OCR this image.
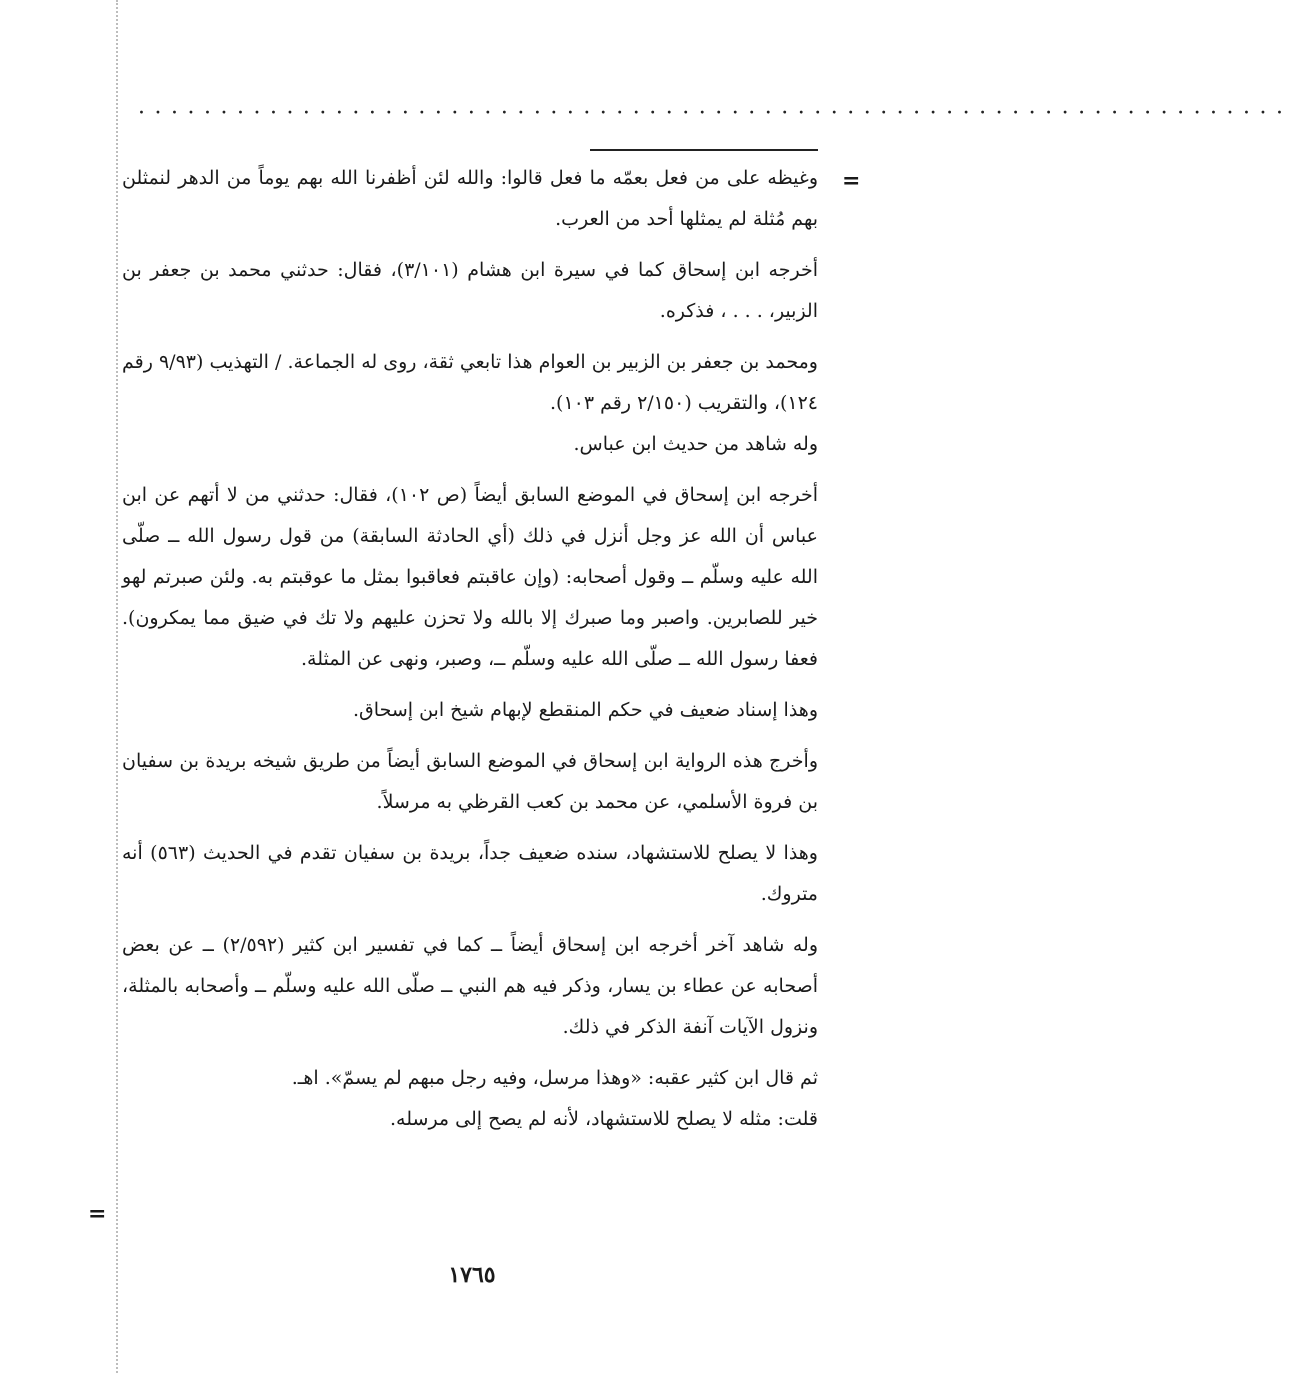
······································································
=
=

وغيظه على من فعل بعمّه ما فعل قالوا: والله لئن أظفرنا الله بهم يوماً من الدهر لنمثلن بهم مُثلة لم يمثلها أحد من العرب.

أخرجه ابن إسحاق كما في سيرة ابن هشام (٣/١٠١)، فقال: حدثني محمد بن جعفر بن الزبير، . . . ، فذكره.

ومحمد بن جعفر بن الزبير بن العوام هذا تابعي ثقة، روى له الجماعة. / التهذيب (٩/٩٣ رقم ١٢٤)، والتقريب (٢/١٥٠ رقم ١٠٣).

وله شاهد من حديث ابن عباس.

أخرجه ابن إسحاق في الموضع السابق أيضاً (ص ١٠٢)، فقال: حدثني من لا أتهم عن ابن عباس أن الله عز وجل أنزل في ذلك (أي الحادثة السابقة) من قول رسول الله ــ صلّى الله عليه وسلّم ــ وقول أصحابه: (وإن عاقبتم فعاقبوا بمثل ما عوقبتم به. ولئن صبرتم لهو خير للصابرين. واصبر وما صبرك إلا بالله ولا تحزن عليهم ولا تك في ضيق مما يمكرون). فعفا رسول الله ــ صلّى الله عليه وسلّم ــ، وصبر، ونهى عن المثلة.

وهذا إسناد ضعيف في حكم المنقطع لإبهام شيخ ابن إسحاق.

وأخرج هذه الرواية ابن إسحاق في الموضع السابق أيضاً من طريق شيخه بريدة بن سفيان بن فروة الأسلمي، عن محمد بن كعب القرظي به مرسلاً.

وهذا لا يصلح للاستشهاد، سنده ضعيف جداً، بريدة بن سفيان تقدم في الحديث (٥٦٣) أنه متروك.

وله شاهد آخر أخرجه ابن إسحاق أيضاً ــ كما في تفسير ابن كثير (٢/٥٩٢) ــ عن بعض أصحابه عن عطاء بن يسار، وذكر فيه هم النبي ــ صلّى الله عليه وسلّم ــ وأصحابه بالمثلة، ونزول الآيات آنفة الذكر في ذلك.

ثم قال ابن كثير عقبه: «وهذا مرسل، وفيه رجل مبهم لم يسمّ». اهـ.

قلت: مثله لا يصلح للاستشهاد، لأنه لم يصح إلى مرسله.

١٧٦٥
